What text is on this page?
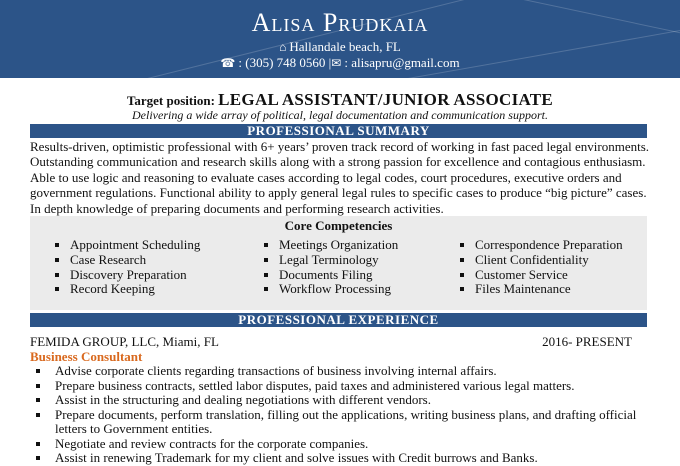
Alisa Prudkaia
⌂ Hallandale beach, FL
☎ : (305) 748 0560 |✉ : alisapru@gmail.com
Target position: LEGAL ASSISTANT/JUNIOR ASSOCIATE
Delivering a wide array of political, legal documentation and communication support.
PROFESSIONAL SUMMARY

Results-driven, optimistic professional with 6+ years’ proven track record of working in fast paced legal environments.

Outstanding communication and research skills along with a strong passion for excellence and contagious enthusiasm.

Able to use logic and reasoning to evaluate cases according to legal codes, court procedures, executive orders and

government regulations. Functional ability to apply general legal rules to specific cases to produce “big picture” cases.

In depth knowledge of preparing documents and performing research activities.

Core Competencies
Appointment Scheduling
Case Research
Discovery Preparation
Record Keeping
Meetings Organization
Legal Terminology
Documents Filing
Workflow Processing
Correspondence Preparation
Client Confidentiality
Customer Service
Files Maintenance
PROFESSIONAL EXPERIENCE
FEMIDA GROUP, LLC, Miami, FL	2016- PRESENT
Business Consultant
Advise corporate clients regarding transactions of business involving internal affairs.
Prepare business contracts, settled labor disputes, paid taxes and administered various legal matters.
Assist in the structuring and dealing negotiations with different vendors.
Prepare documents, perform translation, filling out the applications, writing business plans, and drafting official letters to Government entities.
Negotiate and review contracts for the corporate companies.
Assist in renewing Trademark for my client and solve issues with Credit burrows and Banks.
